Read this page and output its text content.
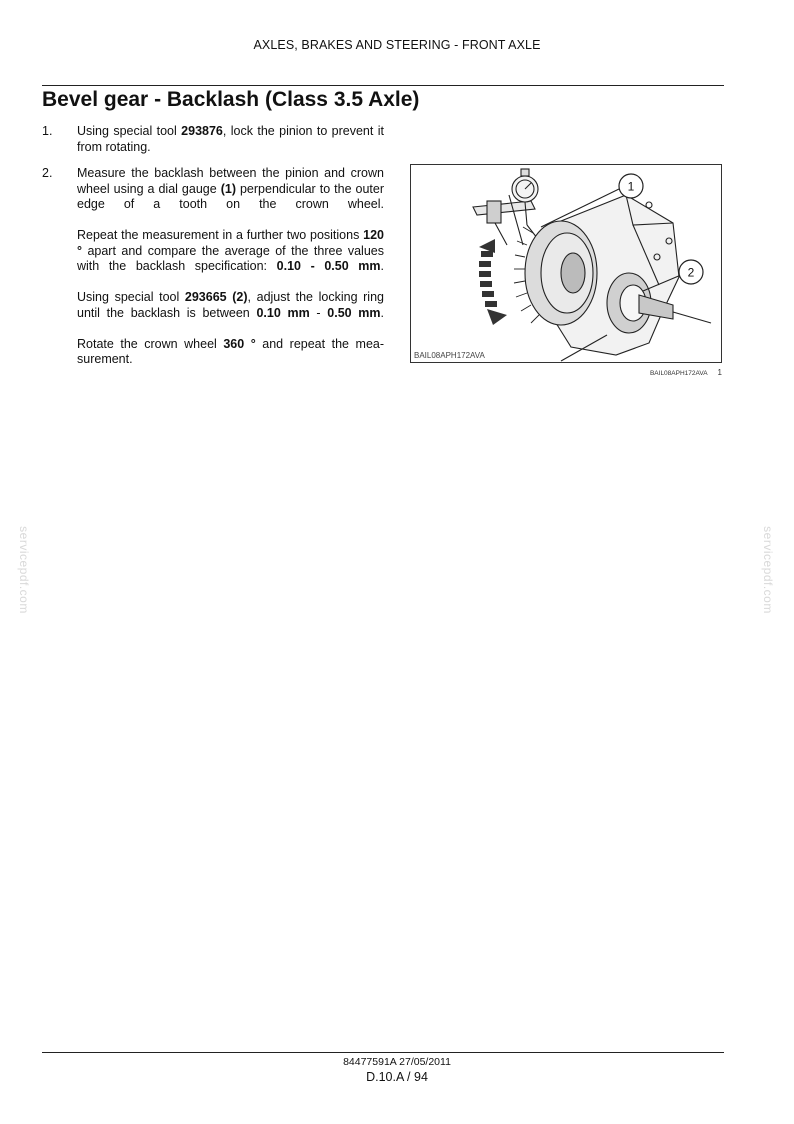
AXLES, BRAKES AND STEERING - FRONT AXLE
Bevel gear - Backlash (Class 3.5 Axle)
1. Using special tool 293876, lock the pinion to prevent it from rotating.
2. Measure the backlash between the pinion and crown wheel using a dial gauge (1) perpendicular to the outer edge of a tooth on the crown wheel.
Repeat the measurement in a further two positions 120 ° apart and compare the average of the three values with the backlash specification: 0.10 - 0.50 mm.
Using special tool 293665 (2), adjust the locking ring until the backlash is between 0.10 mm - 0.50 mm.
Rotate the crown wheel 360 ° and repeat the mea-surement.
1
2
BAIL08APH172AVA
BAIL08APH172AVA 1
servicepdf.com	servicepdf.com
84477591A 27/05/2011
D.10.A / 94
